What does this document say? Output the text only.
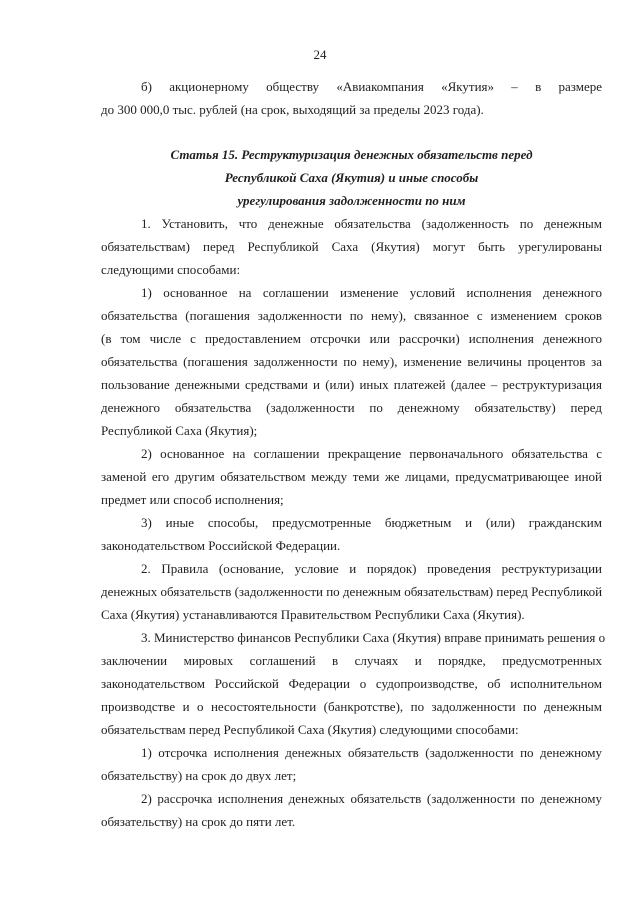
24
б) акционерному обществу «Авиакомпания «Якутия» – в размере
до 300 000,0 тыс. рублей (на срок, выходящий за пределы 2023 года).
Статья 15. Реструктуризация денежных обязательств перед
Республикой Саха (Якутия) и иные способы
урегулирования задолженности по ним
1. Установить, что денежные обязательства (задолженность по денежным
обязательствам) перед Республикой Саха (Якутия) могут быть урегулированы
следующими способами:
1) основанное на соглашении изменение условий исполнения денежного
обязательства (погашения задолженности по нему), связанное с изменением сроков
(в том числе с предоставлением отсрочки или рассрочки) исполнения денежного
обязательства (погашения задолженности по нему), изменение величины процентов за
пользование денежными средствами и (или) иных платежей (далее – реструктуризация
денежного обязательства (задолженности по денежному обязательству) перед
Республикой Саха (Якутия);
2) основанное на соглашении прекращение первоначального обязательства с
заменой его другим обязательством между теми же лицами, предусматривающее иной
предмет или способ исполнения;
3) иные способы, предусмотренные бюджетным и (или) гражданским
законодательством Российской Федерации.
2. Правила (основание, условие и порядок) проведения реструктуризации
денежных обязательств (задолженности по денежным обязательствам) перед Республикой
Саха (Якутия) устанавливаются Правительством Республики Саха (Якутия).
3. Министерство финансов Республики Саха (Якутия) вправе принимать решения о
заключении мировых соглашений в случаях и порядке, предусмотренных
законодательством Российской Федерации о судопроизводстве, об исполнительном
производстве и о несостоятельности (банкротстве), по задолженности по денежным
обязательствам перед Республикой Саха (Якутия) следующими способами:
1) отсрочка исполнения денежных обязательств (задолженности по денежному
обязательству) на срок до двух лет;
2) рассрочка исполнения денежных обязательств (задолженности по денежному
обязательству) на срок до пяти лет.
